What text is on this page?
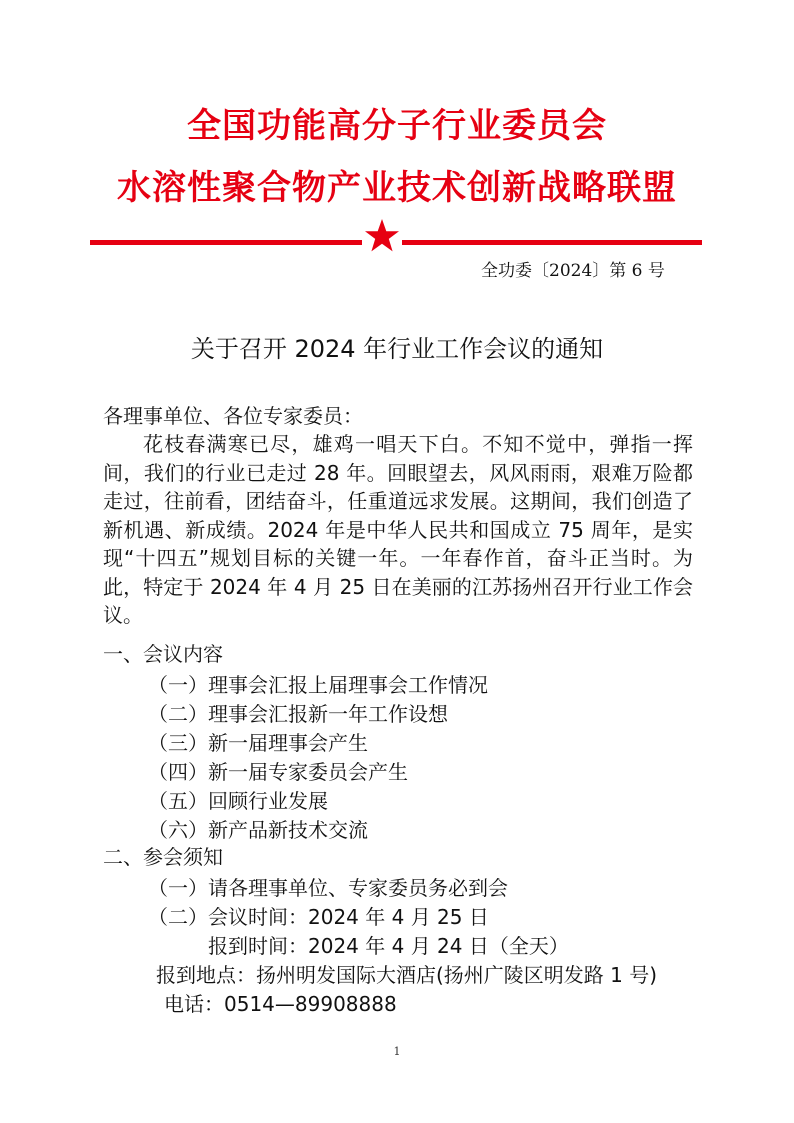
全国功能高分子行业委员会
水溶性聚合物产业技术创新战略联盟
全功委〔2024〕第 6 号
关于召开 2024 年行业工作会议的通知
各理事单位、各位专家委员：
花枝春满寒已尽，雄鸡一唱天下白。不知不觉中，弹指一挥间，我们的行业已走过 28 年。回眼望去，风风雨雨，艰难万险都走过，往前看，团结奋斗，任重道远求发展。这期间，我们创造了新机遇、新成绩。2024 年是中华人民共和国成立 75 周年，是实现“十四五”规划目标的关键一年。一年春作首，奋斗正当时。为此，特定于 2024 年 4 月 25 日在美丽的江苏扬州召开行业工作会议。
一、会议内容
（一）理事会汇报上届理事会工作情况
（二）理事会汇报新一年工作设想
（三）新一届理事会产生
（四）新一届专家委员会产生
（五）回顾行业发展
（六）新产品新技术交流
二、参会须知
（一）请各理事单位、专家委员务必到会
（二）会议时间：2024 年 4 月 25 日
报到时间：2024 年 4 月 24 日（全天）
报到地点：扬州明发国际大酒店(扬州广陵区明发路 1 号)
电话：0514—89908888
1
